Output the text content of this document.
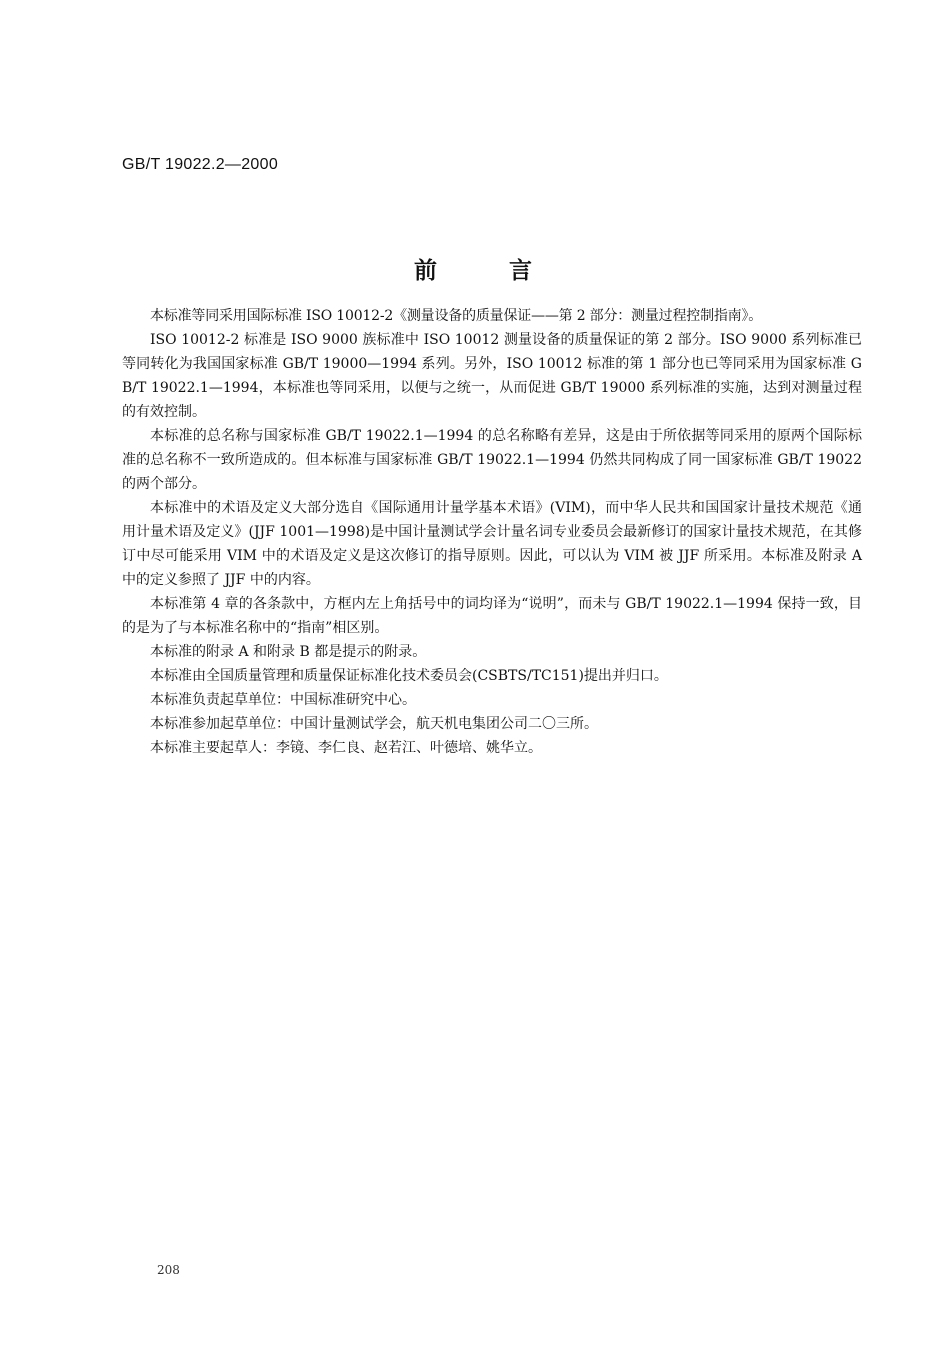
GB/T 19022.2—2000

前言

本标准等同采用国际标准 ISO 10012-2《测量设备的质量保证——第 2 部分：测量过程控制指南》。

ISO 10012-2 标准是 ISO 9000 族标准中 ISO 10012 测量设备的质量保证的第 2 部分。ISO 9000 系列标准已等同转化为我国国家标准 GB/T 19000—1994 系列。另外，ISO 10012 标准的第 1 部分也已等同采用为国家标准 GB/T 19022.1—1994，本标准也等同采用，以便与之统一，从而促进 GB/T 19000 系列标准的实施，达到对测量过程的有效控制。

本标准的总名称与国家标准 GB/T 19022.1—1994 的总名称略有差异，这是由于所依据等同采用的原两个国际标准的总名称不一致所造成的。但本标准与国家标准 GB/T 19022.1—1994 仍然共同构成了同一国家标准 GB/T 19022 的两个部分。

本标准中的术语及定义大部分选自《国际通用计量学基本术语》(VIM)，而中华人民共和国国家计量技术规范《通用计量术语及定义》(JJF 1001—1998)是中国计量测试学会计量名词专业委员会最新修订的国家计量技术规范，在其修订中尽可能采用 VIM 中的术语及定义是这次修订的指导原则。因此，可以认为 VIM 被 JJF 所采用。本标准及附录 A 中的定义参照了 JJF 中的内容。

本标准第 4 章的各条款中，方框内左上角括号中的词均译为“说明”，而未与 GB/T 19022.1—1994 保持一致，目的是为了与本标准名称中的“指南”相区别。

本标准的附录 A 和附录 B 都是提示的附录。

本标准由全国质量管理和质量保证标准化技术委员会(CSBTS/TC151)提出并归口。

本标准负责起草单位：中国标准研究中心。

本标准参加起草单位：中国计量测试学会，航天机电集团公司二〇三所。

本标准主要起草人：李镜、李仁良、赵若江、叶德培、姚华立。

208
